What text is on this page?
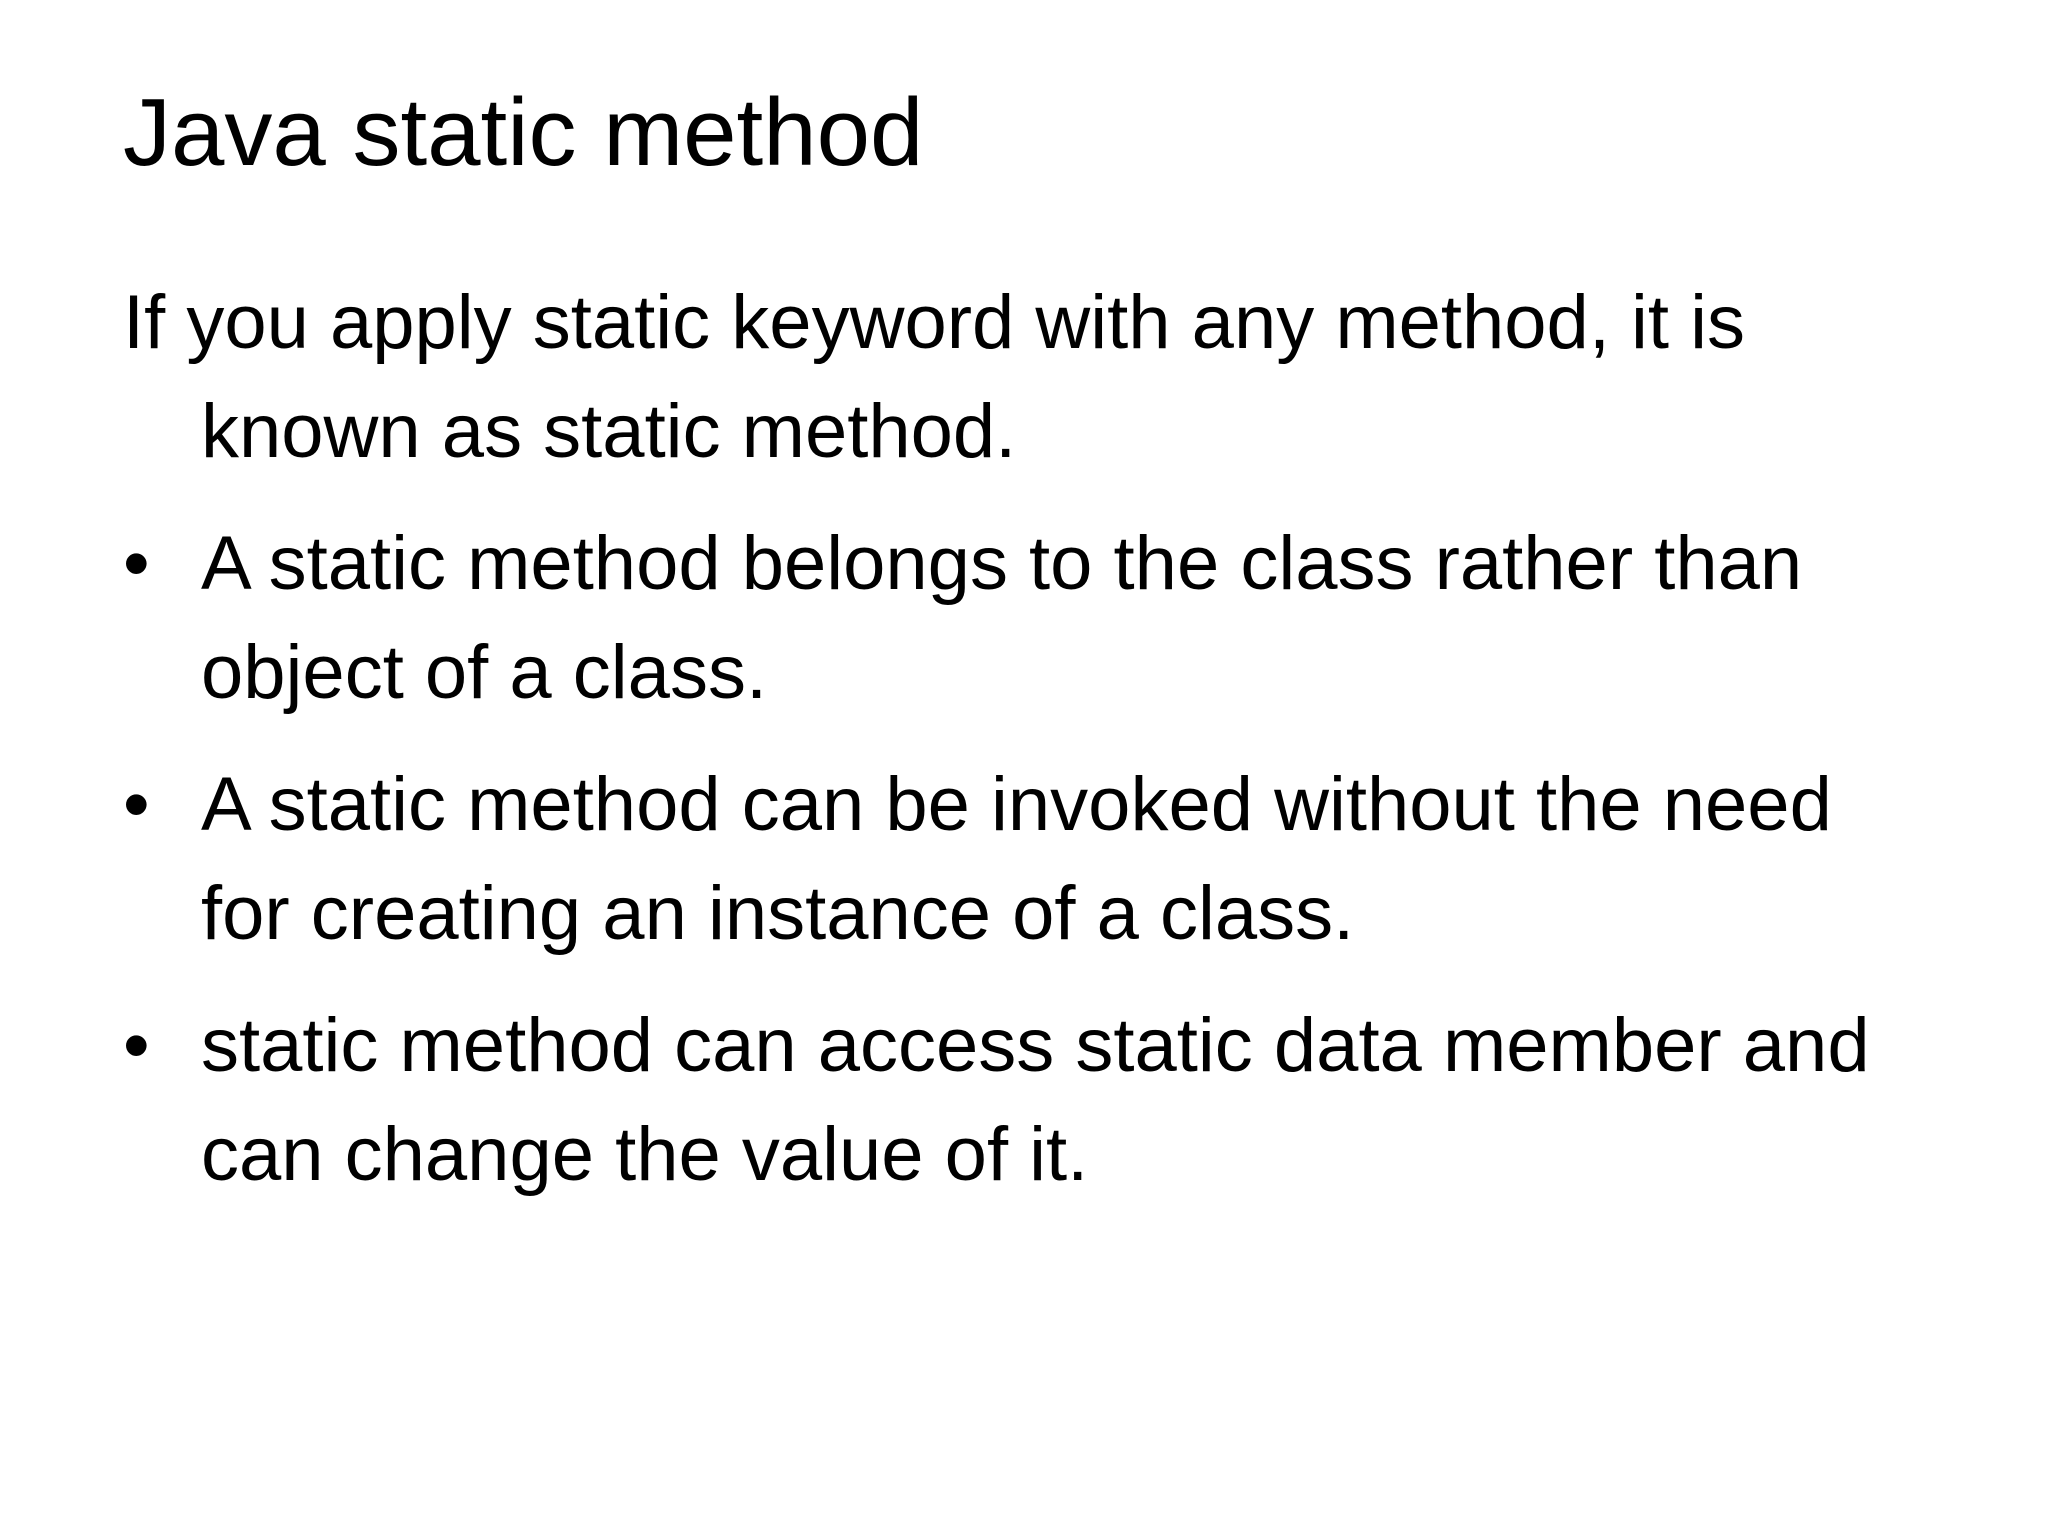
Java static method

If you apply static keyword with any method, it is known as static method.

• A static method belongs to the class rather than object of a class.
• A static method can be invoked without the need for creating an instance of a class.
• static method can access static data member and can change the value of it.
